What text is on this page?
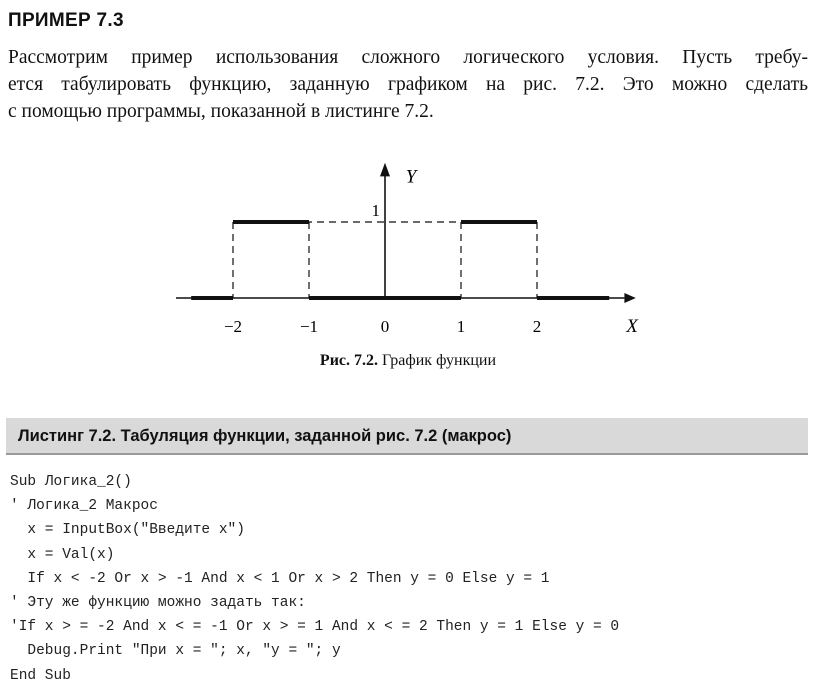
ПРИМЕР 7.3
Рассмотрим пример использования сложного логического условия. Пусть требу-
ется табулировать функцию, заданную графиком на рис. 7.2. Это можно сделать
с помощью программы, показанной в листинге 7.2.
−2	−1	0	1	2
1
X
Y
Рис. 7.2. График функции
Листинг 7.2. Табуляция функции, заданной рис. 7.2 (макрос)
Sub Логика_2()
' Логика_2 Макрос
x = InputBox("Введите x")
x = Val(x)
If x < -2 Or x > -1 And x < 1 Or x > 2 Then y = 0 Else y = 1
' Эту же функцию можно задать так:
'If x > = -2 And x < = -1 Or x > = 1 And x < = 2 Then y = 1 Else y = 0
Debug.Print "При x = "; x, "y = "; y
End Sub
